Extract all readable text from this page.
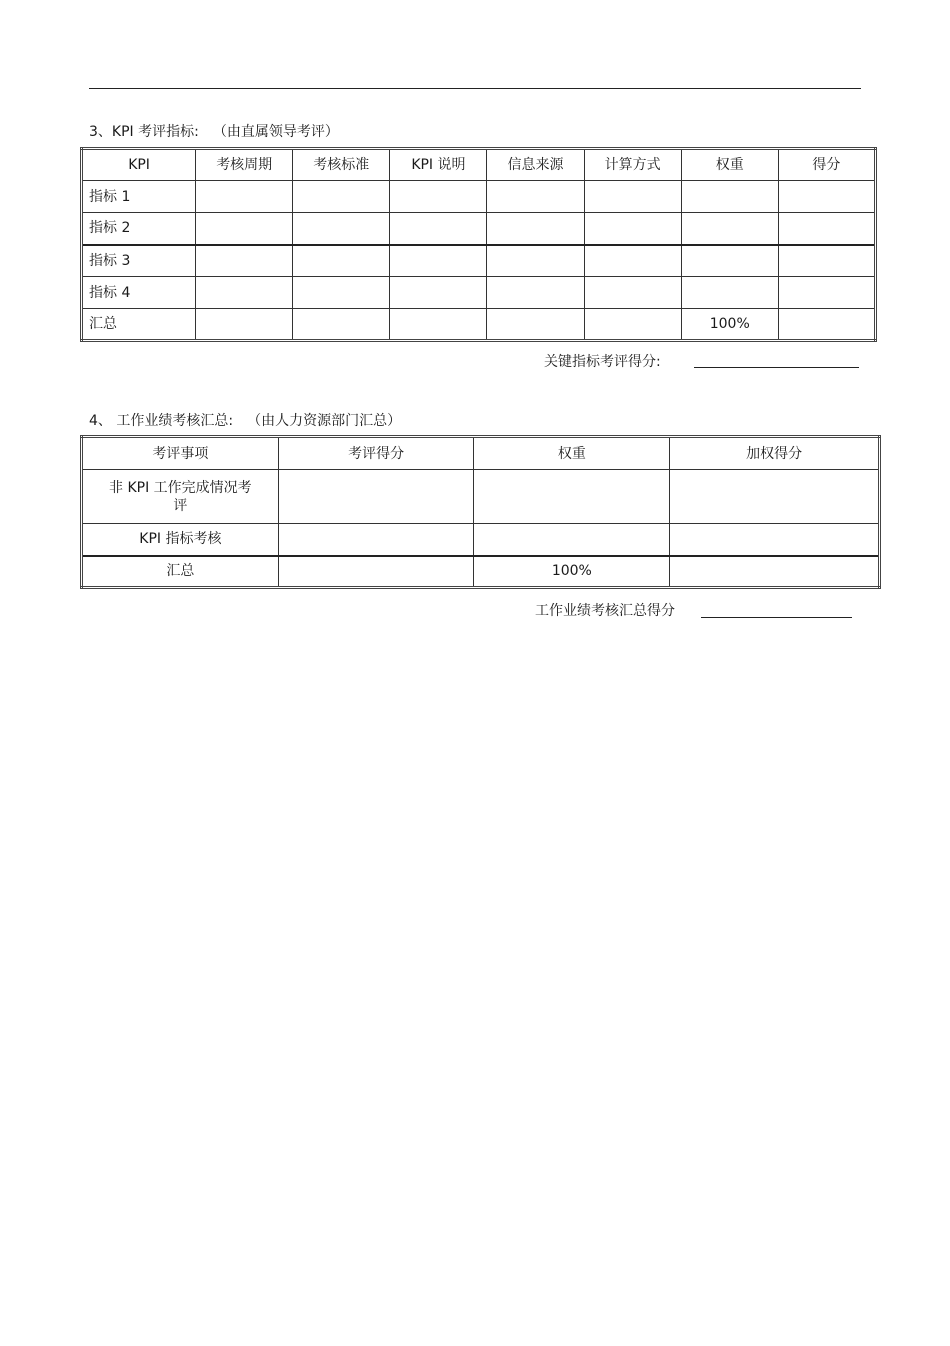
3、KPI 考评指标: （由直属领导考评）
KPI	考核周期	考核标准	KPI 说明	信息来源	计算方式	权重	得分
指标 1							
指标 2							
指标 3							
指标 4							
汇总						100%	
关键指标考评得分:
4、 工作业绩考核汇总: （由人力资源部门汇总）
考评事项	考评得分	权重	加权得分
非 KPI 工作完成情况考评			
KPI 指标考核			
汇总		100%	
工作业绩考核汇总得分
